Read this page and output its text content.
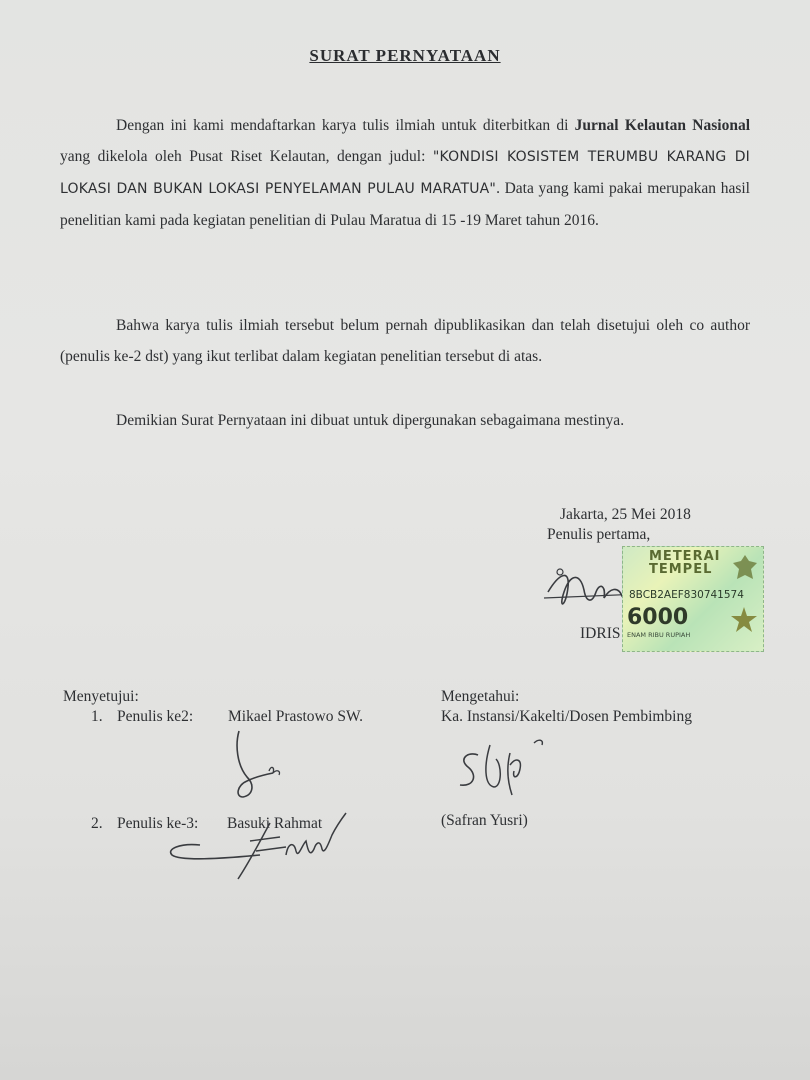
SURAT PERNYATAAN
Dengan ini kami mendaftarkan karya tulis ilmiah untuk diterbitkan di Jurnal Kelautan Nasional yang dikelola oleh Pusat Riset Kelautan, dengan judul: "KONDISI KOSISTEM TERUMBU KARANG DI LOKASI DAN BUKAN LOKASI PENYELAMAN PULAU MARATUA". Data yang kami pakai merupakan hasil penelitian kami pada kegiatan penelitian di Pulau Maratua di 15 -19 Maret tahun 2016.
Bahwa karya tulis ilmiah tersebut belum pernah dipublikasikan dan telah disetujui oleh co author (penulis ke-2 dst) yang ikut terlibat dalam kegiatan penelitian tersebut di atas.
Demikian Surat Pernyataan ini dibuat untuk dipergunakan sebagaimana mestinya.
Jakarta, 25 Mei 2018
Penulis pertama,
METERAI
TEMPEL
8BCB2AEF830741574
6000
ENAM RIBU RUPIAH
IDRIS
Menyetujui:	Mengetahui:
1. Penulis ke2: Mikael Prastowo SW.	Ka. Instansi/Kakelti/Dosen Pembimbing
2. Penulis ke-3: Basuki Rahmat	(Safran Yusri)
